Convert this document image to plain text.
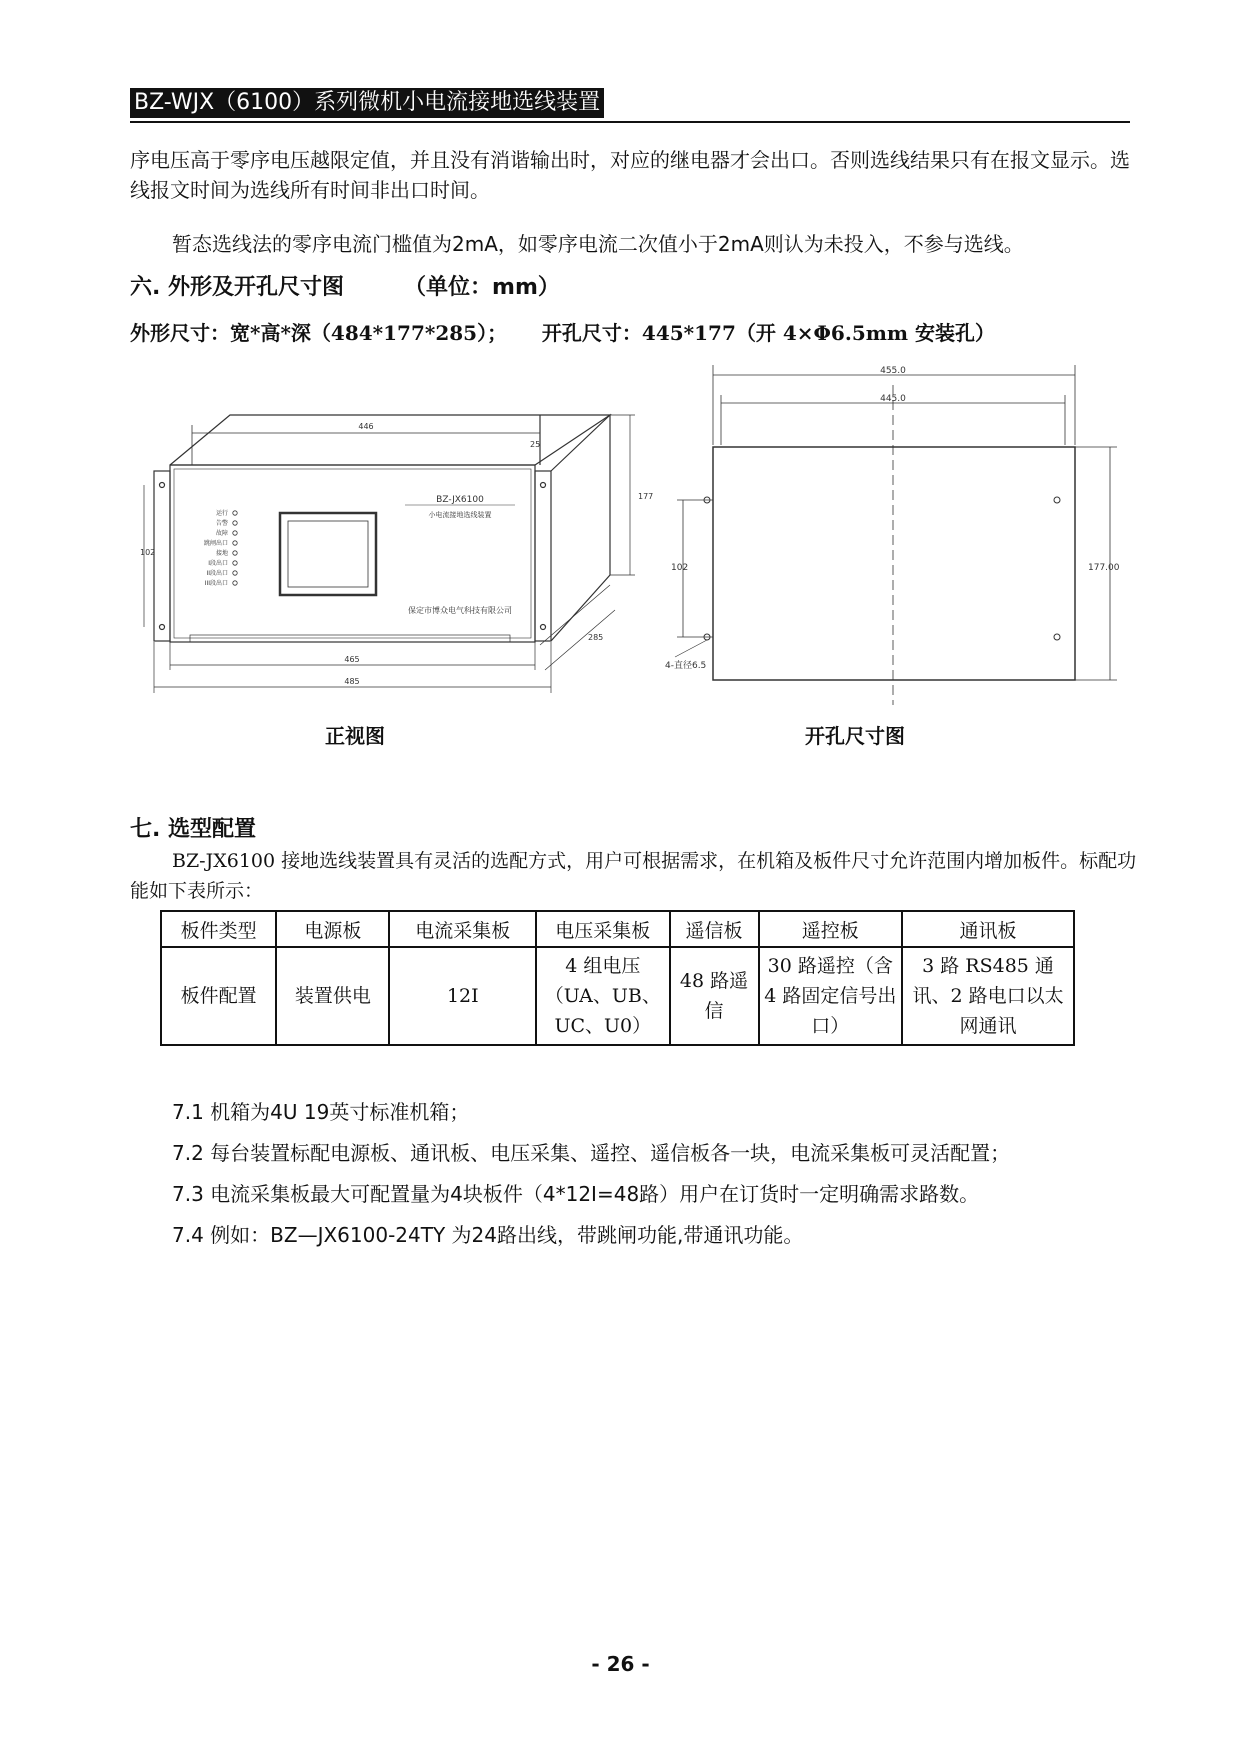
BZ-WJX（6100）系列微机小电流接地选线装置
序电压高于零序电压越限定值，并且没有消谐输出时，对应的继电器才会出口。否则选线结果只有在报文显示。选线报文时间为选线所有时间非出口时间。
暂态选线法的零序电流门槛值为2mA，如零序电流二次值小于2mA则认为未投入，不参与选线。
六. 外形及开孔尺寸图	（单位：mm）
外形尺寸：宽*高*深（484*177*285）； 开孔尺寸：445*177（开 4×Φ6.5mm 安装孔）
运行
告警
故障
跳闸出口
接地
I段出口
II段出口
III段出口
BZ-JX6100
小电流接地选线装置
保定市博众电气科技有限公司
446
25
177
102
285
465
485
455.0
445.0
177.00
102
4-直径6.5
正视图	开孔尺寸图
七. 选型配置
BZ-JX6100 接地选线装置具有灵活的选配方式，用户可根据需求，在机箱及板件尺寸允许范围内增加板件。标配功能如下表所示：
板件类型	电源板	电流采集板	电压采集板	遥信板	遥控板	通讯板
板件配置	装置供电	12I	4 组电压（UA、UB、UC、U0）	48 路遥信	30 路遥控（含 4 路固定信号出口）	3 路 RS485 通讯、2 路电口以太网通讯
7.1 机箱为4U 19英寸标准机箱；
7.2 每台装置标配电源板、通讯板、电压采集、遥控、遥信板各一块，电流采集板可灵活配置；
7.3 电流采集板最大可配置量为4块板件（4*12I=48路）用户在订货时一定明确需求路数。
7.4 例如：BZ—JX6100-24TY 为24路出线，带跳闸功能,带通讯功能。
- 26 -
